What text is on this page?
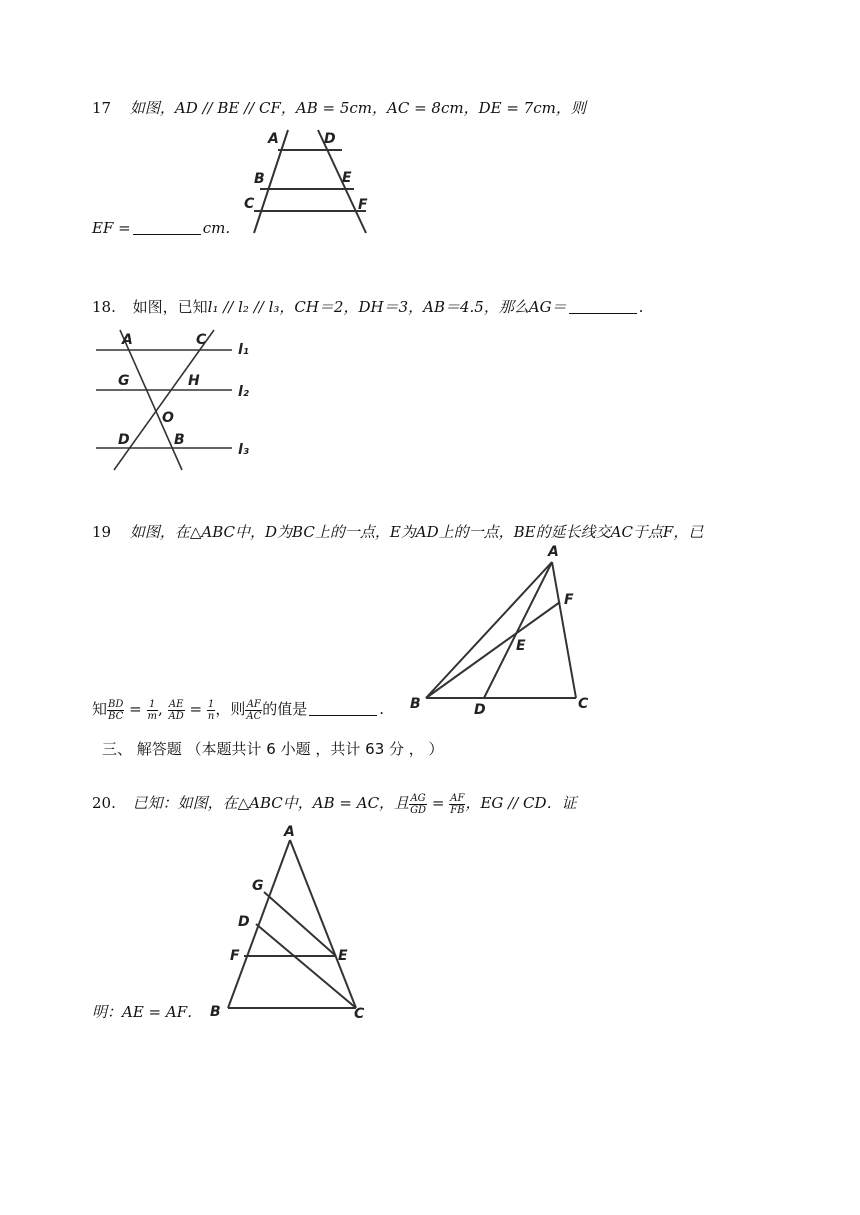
17 如图，AD // BE // CF，AB = 5cm，AC = 8cm，DE = 7cm，则
EF =	cm.
A	D
B	E
C	F
18. 如图，已知l₁ // l₂ // l₃，CH＝2，DH＝3，AB＝4.5，那么AG＝	.
A	C
G	H
O
D	B
l₁
l₂
l₃
19 如图，在△ABC中，D为BC上的一点，E为AD上的一点，BE的延长线交AC于点F，已
知 $\frac{BD}{BC} = \frac{1}{m}$ , $\frac{AE}{AD} = \frac{1}{n}$ ，则 $\frac{AF}{AC}$ 的值是	.
A
F
E
B	D	C
三、 解答题 （本题共计 6 小题 ，共计 63 分 ， ）
20. 已知：如图，在△ABC中，AB = AC，且 $\frac{AG}{GD} = \frac{AF}{FB}$ ，EG // CD．证
明：AE = AF．
A
G
D
F	E
B	C
